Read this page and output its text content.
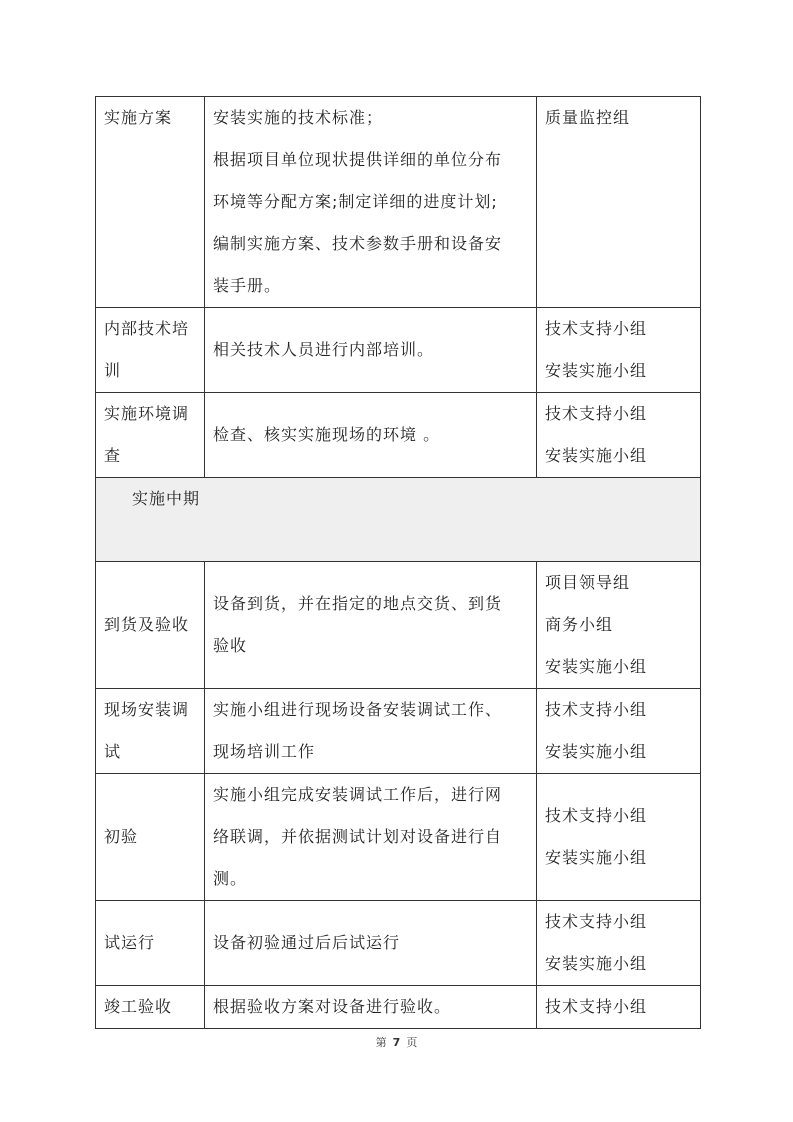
实施方案	安装实施的技术标准；
根据项目单位现状提供详细的单位分布
环境等分配方案;制定详细的进度计划;
编制实施方案、技术参数手册和设备安
装手册。	质量监控组

内部技术培训	相关技术人员进行内部培训。	技术支持小组
安装实施小组

实施环境调查	检查、核实实施现场的环境 。	技术支持小组
安装实施小组

实施中期		
到货及验收	设备到货，并在指定的地点交货、到货
验收	项目领导组
商务小组
安装实施小组

现场安装调试	实施小组进行现场设备安装调试工作、
现场培训工作	技术支持小组
安装实施小组

初验	实施小组完成安装调试工作后，进行网
络联调，并依据测试计划对设备进行自
测。	技术支持小组
安装实施小组

试运行	设备初验通过后后试运行	技术支持小组
安装实施小组

竣工验收	根据验收方案对设备进行验收。	技术支持小组
第 7 页
